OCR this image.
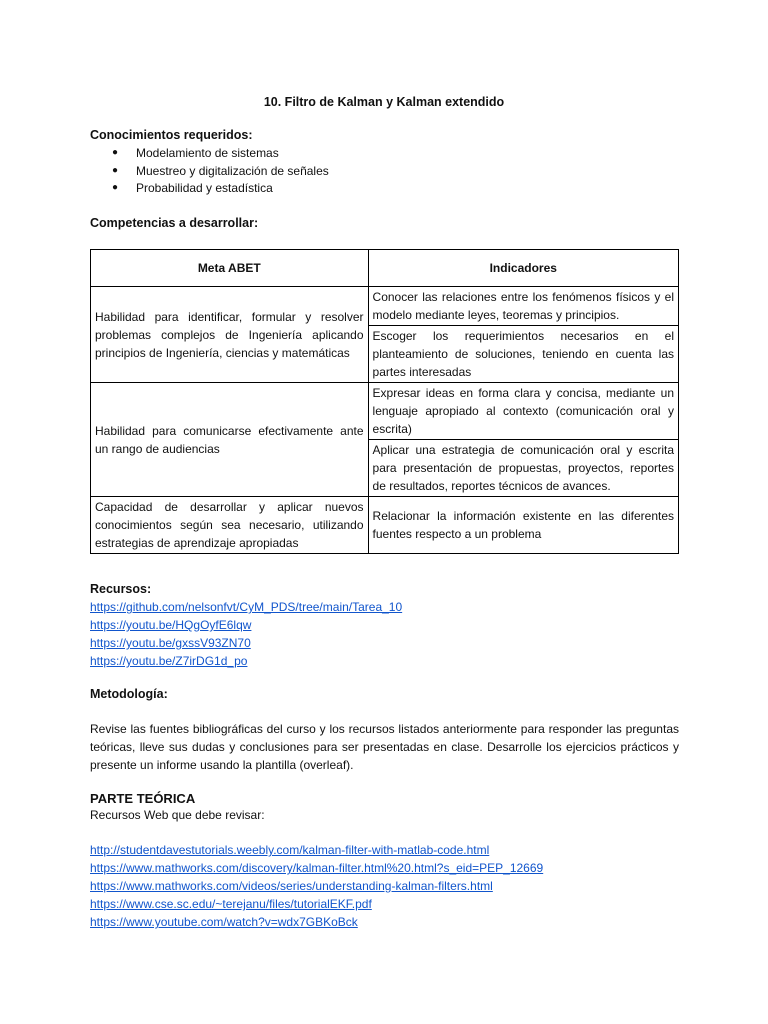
10. Filtro de Kalman y Kalman extendido
Conocimientos requeridos:
● Modelamiento de sistemas
● Muestreo y digitalización de señales
● Probabilidad y estadística
Competencias a desarrollar:
Meta ABET	Indicadores
Habilidad para identificar, formular y resolver problemas complejos de Ingeniería aplicando principios de Ingeniería, ciencias y matemáticas	Conocer las relaciones entre los fenómenos físicos y el modelo mediante leyes, teoremas y principios.
	Escoger los requerimientos necesarios en el planteamiento de soluciones, teniendo en cuenta las partes interesadas
Habilidad para comunicarse efectivamente ante un rango de audiencias	Expresar ideas en forma clara y concisa, mediante un lenguaje apropiado al contexto (comunicación oral y escrita)
	Aplicar una estrategia de comunicación oral y escrita para presentación de propuestas, proyectos, reportes de resultados, reportes técnicos de avances.
Capacidad de desarrollar y aplicar nuevos conocimientos según sea necesario, utilizando estrategias de aprendizaje apropiadas	Relacionar la información existente en las diferentes fuentes respecto a un problema
Recursos:
https://github.com/nelsonfvt/CyM_PDS/tree/main/Tarea_10
https://youtu.be/HQgOyfE6lqw
https://youtu.be/gxssV93ZN70
https://youtu.be/Z7irDG1d_po
Metodología:
Revise las fuentes bibliográficas del curso y los recursos listados anteriormente para responder las preguntas teóricas, lleve sus dudas y conclusiones para ser presentadas en clase. Desarrolle los ejercicios prácticos y presente un informe usando la plantilla (overleaf).
PARTE TEÓRICA
Recursos Web que debe revisar:
http://studentdavestutorials.weebly.com/kalman-filter-with-matlab-code.html
https://www.mathworks.com/discovery/kalman-filter.html%20.html?s_eid=PEP_12669
https://www.mathworks.com/videos/series/understanding-kalman-filters.html
https://www.cse.sc.edu/~terejanu/files/tutorialEKF.pdf
https://www.youtube.com/watch?v=wdx7GBKoBck
